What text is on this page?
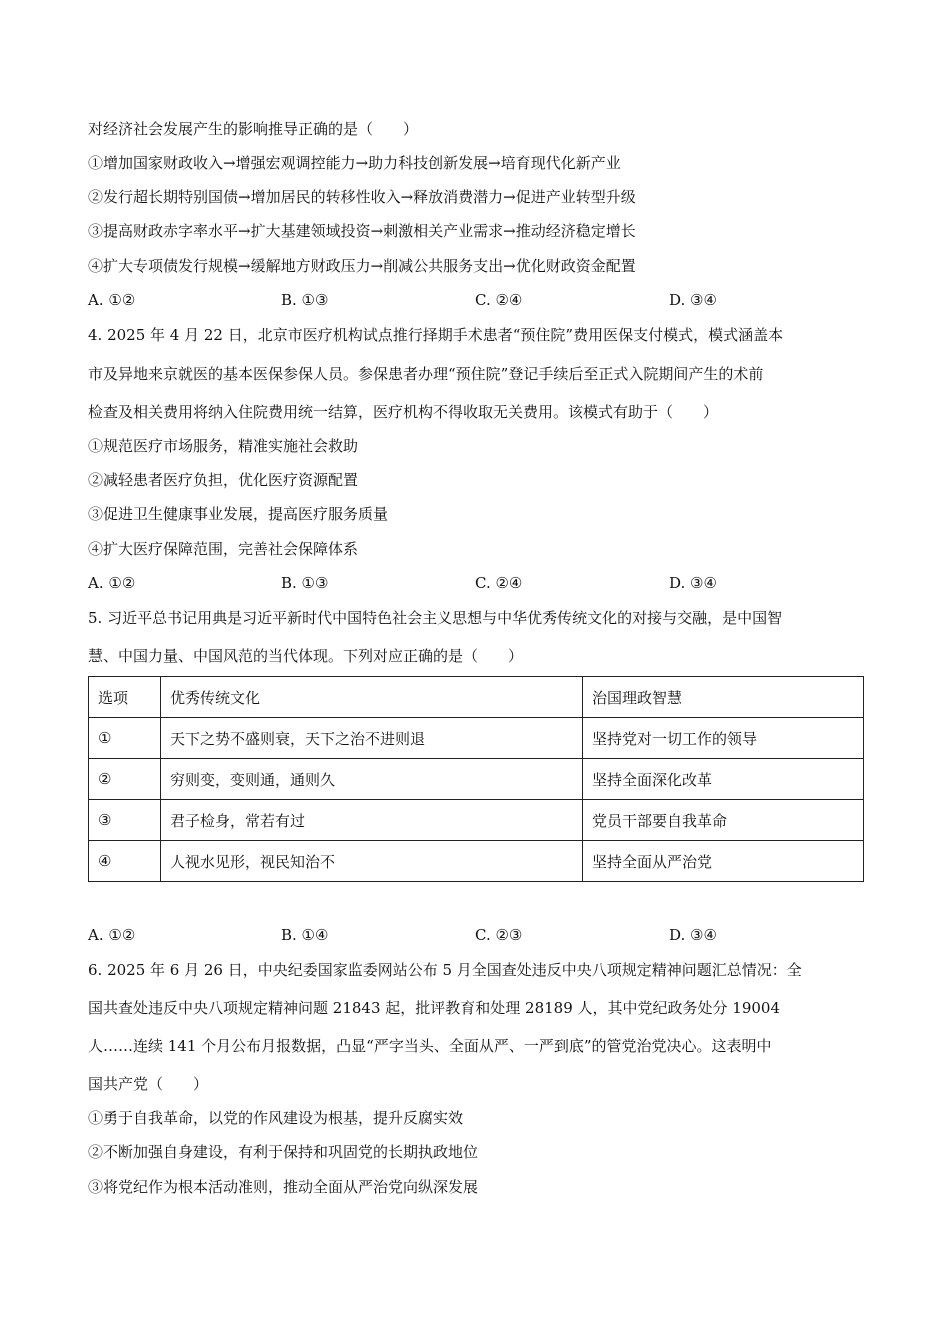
对经济社会发展产生的影响推导正确的是（　　）
①增加国家财政收入→增强宏观调控能力→助力科技创新发展→培育现代化新产业
②发行超长期特别国债→增加居民的转移性收入→释放消费潜力→促进产业转型升级
③提高财政赤字率水平→扩大基建领域投资→刺激相关产业需求→推动经济稳定增长
④扩大专项债发行规模→缓解地方财政压力→削减公共服务支出→优化财政资金配置
A. ①②	B. ①③	C. ②④	D. ③④
4. 2025 年 4 月 22 日，北京市医疗机构试点推行择期手术患者“预住院”费用医保支付模式，模式涵盖本
市及异地来京就医的基本医保参保人员。参保患者办理“预住院”登记手续后至正式入院期间产生的术前
检查及相关费用将纳入住院费用统一结算，医疗机构不得收取无关费用。该模式有助于（　　）
①规范医疗市场服务，精准实施社会救助
②减轻患者医疗负担，优化医疗资源配置
③促进卫生健康事业发展，提高医疗服务质量
④扩大医疗保障范围，完善社会保障体系
A. ①②	B. ①③	C. ②④	D. ③④
5. 习近平总书记用典是习近平新时代中国特色社会主义思想与中华优秀传统文化的对接与交融，是中国智
慧、中国力量、中国风范的当代体现。下列对应正确的是（　　）
选项	优秀传统文化	治国理政智慧
①	天下之势不盛则衰，天下之治不进则退	坚持党对一切工作的领导
②	穷则变，变则通，通则久	坚持全面深化改革
③	君子检身，常若有过	党员干部要自我革命
④	人视水见形，视民知治不	坚持全面从严治党
A. ①②	B. ①④	C. ②③	D. ③④
6. 2025 年 6 月 26 日，中央纪委国家监委网站公布 5 月全国查处违反中央八项规定精神问题汇总情况：全
国共查处违反中央八项规定精神问题 21843 起，批评教育和处理 28189 人，其中党纪政务处分 19004
人……连续 141 个月公布月报数据，凸显“严字当头、全面从严、一严到底”的管党治党决心。这表明中
国共产党（　　）
①勇于自我革命，以党的作风建设为根基，提升反腐实效
②不断加强自身建设，有利于保持和巩固党的长期执政地位
③将党纪作为根本活动准则，推动全面从严治党向纵深发展
